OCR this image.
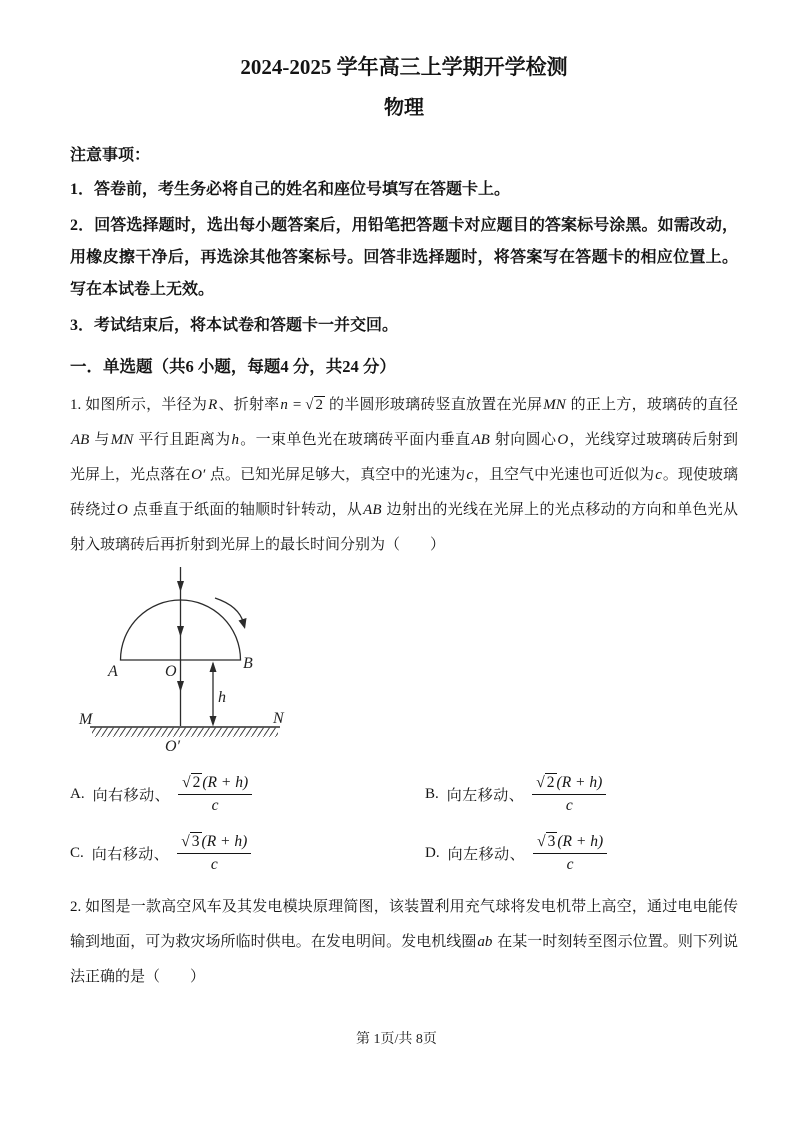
2024-2025 学年高三上学期开学检测
物理

注意事项：

1．答卷前，考生务必将自己的姓名和座位号填写在答题卡上。

2．回答选择题时，选出每小题答案后，用铅笔把答题卡对应题目的答案标号涂黑。如需改动，用橡皮擦干净后，再选涂其他答案标号。回答非选择题时，将答案写在答题卡的相应位置上。写在本试卷上无效。

3．考试结束后，将本试卷和答题卡一并交回。

一．单选题（共6 小题，每题4 分，共24 分）

1. 如图所示，半径为R、折射率n = √ 2 的半圆形玻璃砖竖直放置在光屏MN 的正上方，玻璃砖的直径AB 与MN 平行且距离为h。一束单色光在玻璃砖平面内垂直AB 射向圆心O，光线穿过玻璃砖后射到光屏上，光点落在O′ 点。已知光屏足够大，真空中的光速为c，且空气中光速也可近似为c。现使玻璃砖绕过O 点垂直于纸面的轴顺时针转动，从AB 边射出的光线在光屏上的光点移动的方向和单色光从射入玻璃砖后再折射到光屏上的最长时间分别为（　　）

A	O	B
M	N
O′
h
A. 向右移动、 $\frac{√ 2 (R + h)}{c}$	B. 向左移动、 $\frac{√ 2 (R + h)}{c}$
C. 向右移动、 $\frac{√ 3 (R + h)}{c}$	D. 向左移动、 $\frac{√ 3 (R + h)}{c}$

2. 如图是一款高空风车及其发电模块原理简图，该装置利用充气球将发电机带上高空，通过电电能传输到地面，可为救灾场所临时供电。在发电明间。发电机线圈ab 在某一时刻转至图示位置。则下列说法正确的是（　　）

第 1页/共 8页
